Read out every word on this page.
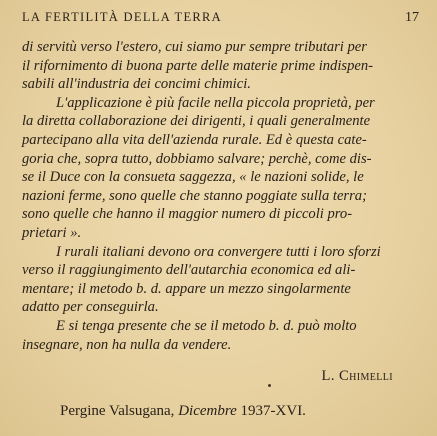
LA FERTILITÀ DELLA TERRA	17
di servitù verso l'estero, cui siamo pur sempre tributari per
il rifornimento di buona parte delle materie prime indispen-
sabili all'industria dei concimi chimici.
L'applicazione è più facile nella piccola proprietà, per
la diretta collaborazione dei dirigenti, i quali generalmente
partecipano alla vita dell'azienda rurale. Ed è questa cate-
goria che, sopra tutto, dobbiamo salvare; perchè, come dis-
se il Duce con la consueta saggezza, « le nazioni solide, le
nazioni ferme, sono quelle che stanno poggiate sulla terra;
sono quelle che hanno il maggior numero di piccoli pro-
prietari ».
I rurali italiani devono ora convergere tutti i loro sforzi
verso il raggiungimento dell'autarchia economica ed ali-
mentare; il metodo b. d. appare un mezzo singolarmente
adatto per conseguirla.
E si tenga presente che se il metodo b. d. può molto
insegnare, non ha nulla da vendere.
L. Chimelli
Pergine Valsugana, Dicembre 1937-XVI.
